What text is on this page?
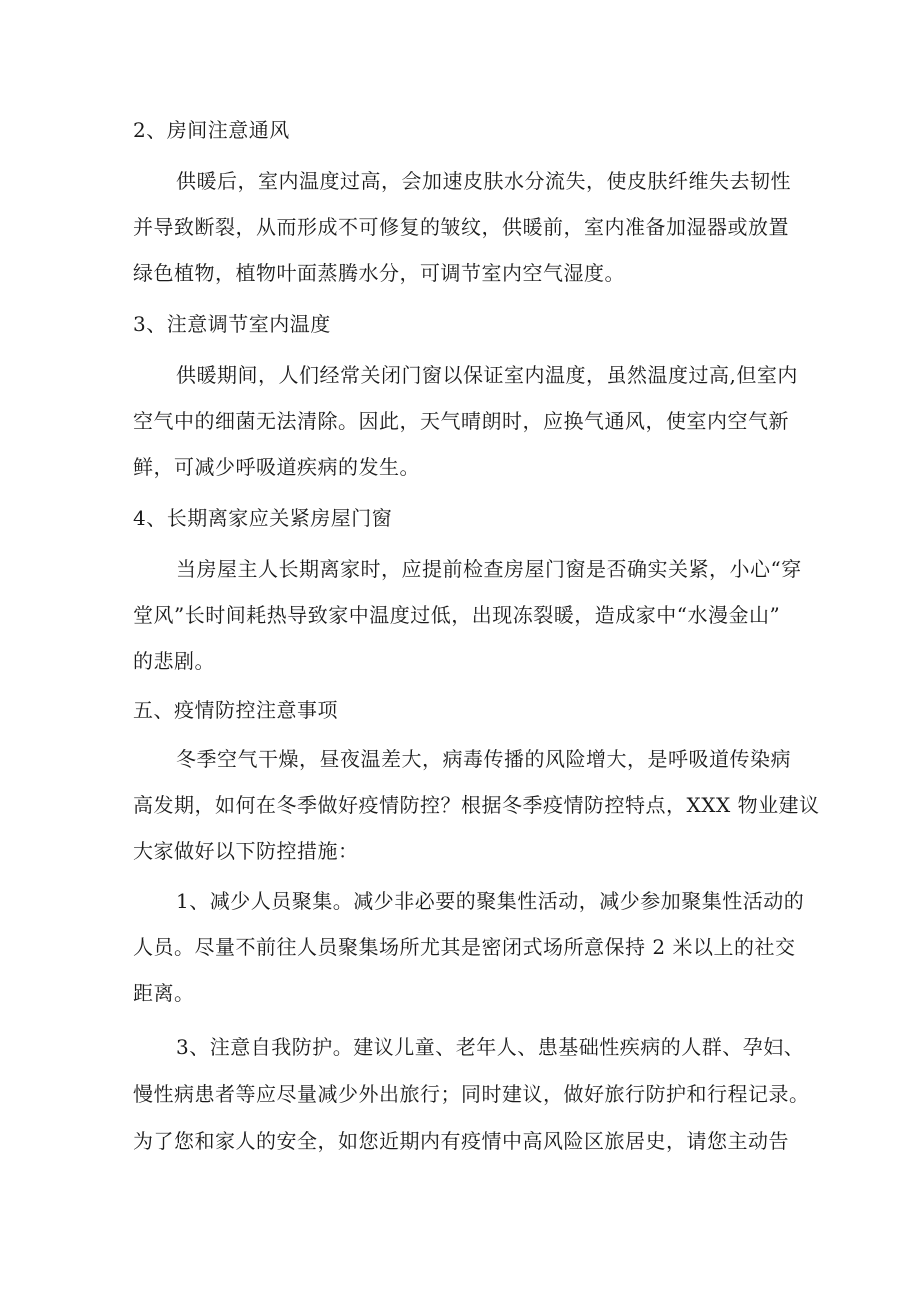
2、房间注意通风
供暖后，室内温度过高，会加速皮肤水分流失，使皮肤纤维失去韧性
并导致断裂，从而形成不可修复的皱纹，供暖前，室内准备加湿器或放置
绿色植物，植物叶面蒸腾水分，可调节室内空气湿度。
3、注意调节室内温度
供暖期间，人们经常关闭门窗以保证室内温度，虽然温度过高,但室内
空气中的细菌无法清除。因此，天气晴朗时，应换气通风，使室内空气新
鲜，可减少呼吸道疾病的发生。
4、长期离家应关紧房屋门窗
当房屋主人长期离家时，应提前检查房屋门窗是否确实关紧，小心“穿
堂风”长时间耗热导致家中温度过低，出现冻裂暖，造成家中“水漫金山”
的悲剧。
五、疫情防控注意事项
冬季空气干燥，昼夜温差大，病毒传播的风险增大，是呼吸道传染病
高发期，如何在冬季做好疫情防控？根据冬季疫情防控特点，XXX 物业建议
大家做好以下防控措施：
1、减少人员聚集。减少非必要的聚集性活动，减少参加聚集性活动的
人员。尽量不前往人员聚集场所尤其是密闭式场所意保持 2 米以上的社交
距离。
3、注意自我防护。建议儿童、老年人、患基础性疾病的人群、孕妇、
慢性病患者等应尽量减少外出旅行；同时建议，做好旅行防护和行程记录。
为了您和家人的安全，如您近期内有疫情中高风险区旅居史，请您主动告
